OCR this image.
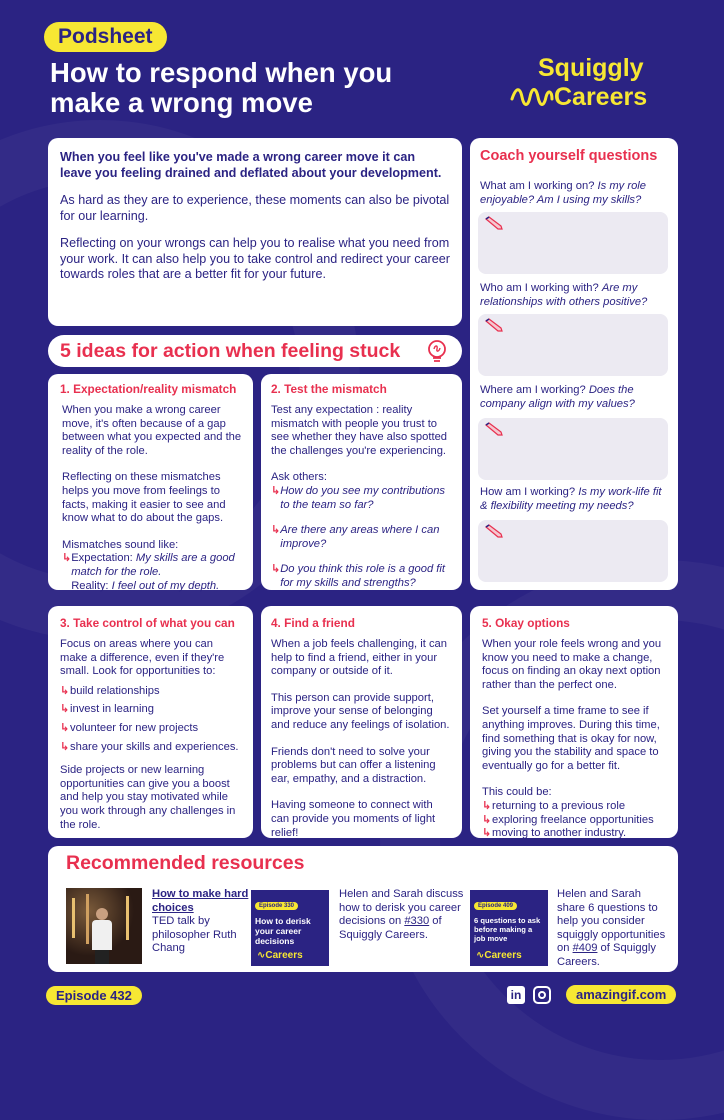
Podsheet
How to respond when you
make a wrong move
Squiggly
Careers

When you feel like you've made a wrong career move it can leave you feeling drained and deflated about your development.

As hard as they are to experience, these moments can also be pivotal for our learning.

Reflecting on your wrongs can help you to realise what you need from your work. It can also help you to take control and redirect your career towards roles that are a better fit for your future.

5 ideas for action when feeling stuck
1. Expectation/reality mismatch

When you make a wrong career move, it's often because of a gap between what you expected and the reality of the role.

Reflecting on these mismatches helps you move from feelings to facts, making it easier to see and know what to do about the gaps.

Mismatches sound like:
↳ Expectation: My skills are a good match for the role.
Reality: I feel out of my depth.
2. Test the mismatch

Test any expectation : reality mismatch with people you trust to see whether they have also spotted the challenges you're experiencing.

Ask others:
↳ How do you see my contributions to the team so far?
↳ Are there any areas where I can improve?
↳ Do you think this role is a good fit for my skills and strengths?
Coach yourself questions
What am I working on? Is my role enjoyable? Am I using my skills?
Who am I working with? Are my relationships with others positive?
Where am I working? Does the company align with my values?
How am I working? Is my work-life fit & flexibility meeting my needs?
3. Take control of what you can

Focus on areas where you can make a difference, even if they're small. Look for opportunities to:

↳ build relationships
↳ invest in learning
↳ volunteer for new projects
↳ share your skills and experiences.
Side projects or new learning opportunities can give you a boost and help you stay motivated while you work through any challenges in the role.
4. Find a friend

When a job feels challenging, it can help to find a friend, either in your company or outside of it.

This person can provide support, improve your sense of belonging and reduce any feelings of isolation.

Friends don't need to solve your problems but can offer a listening ear, empathy, and a distraction.

Having someone to connect with can provide you moments of light relief!
5. Okay options

When your role feels wrong and you know you need to make a change, focus on finding an okay next option rather than the perfect one.

Set yourself a time frame to see if anything improves. During this time, find something that is okay for now, giving you the stability and space to eventually go for a better fit.

This could be:
↳ returning to a previous role
↳ exploring freelance opportunities
↳ moving to another industry.
Recommended resources
How to make hard choices
TED talk by philosopher Ruth Chang
Episode 330
How to derisk your career decisions
∿Careers
Helen and Sarah discuss how to derisk you career decisions on #330 of Squiggly Careers.
Episode 409
6 questions to ask before making a job move
∿Careers
Helen and Sarah share 6 questions to help you consider squiggly opportunities on #409 of Squiggly Careers.
Episode 432	in	amazingif.com
